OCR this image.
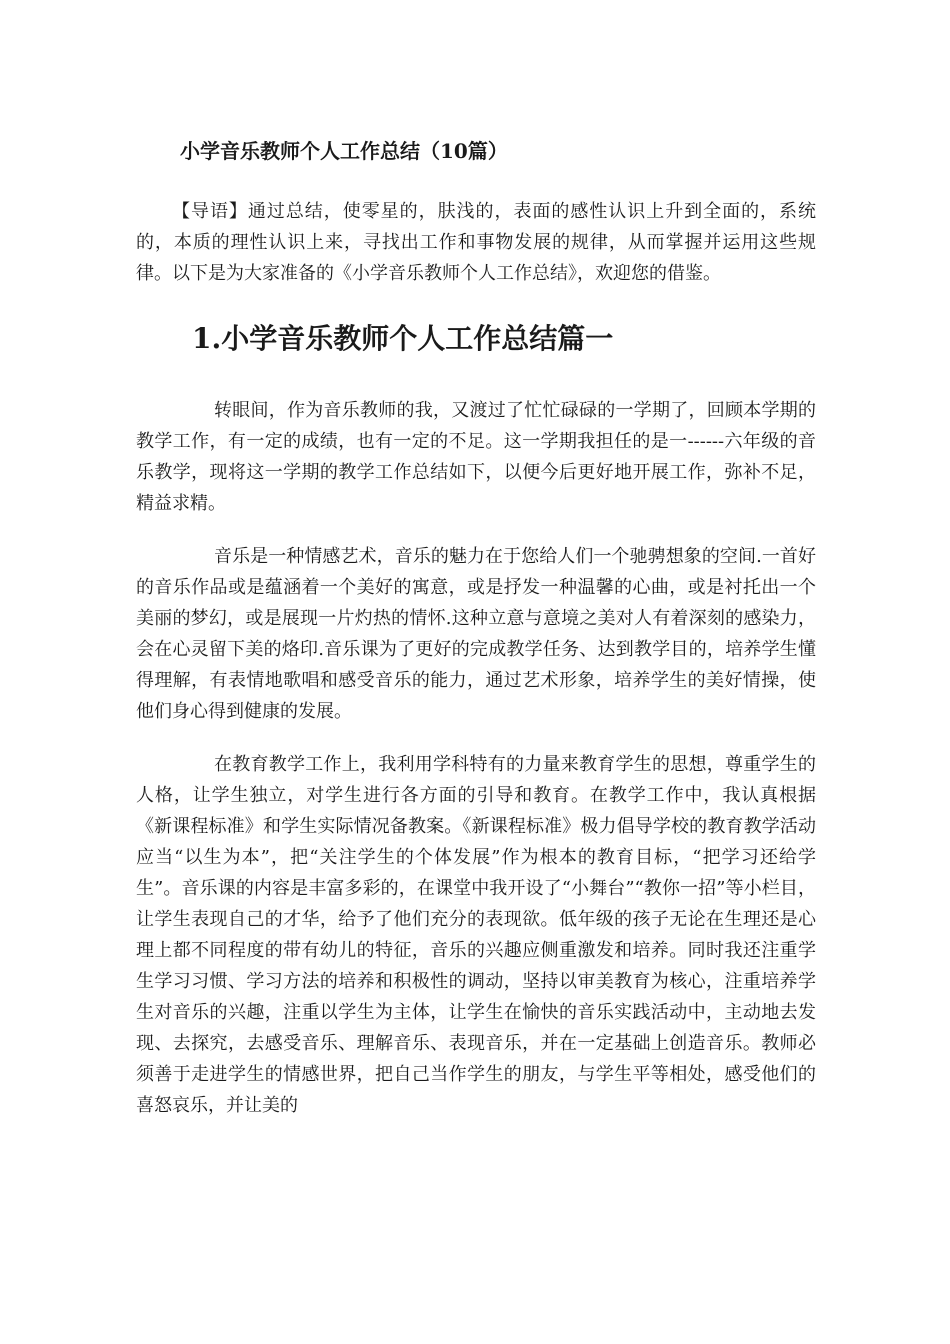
小学音乐教师个人工作总结（10篇）

【导语】通过总结，使零星的，肤浅的，表面的感性认识上升到全面的，系统的，本质的理性认识上来，寻找出工作和事物发展的规律，从而掌握并运用这些规律。以下是为大家准备的《小学音乐教师个人工作总结》，欢迎您的借鉴。

1.小学音乐教师个人工作总结篇一

转眼间，作为音乐教师的我，又渡过了忙忙碌碌的一学期了，回顾本学期的教学工作，有一定的成绩，也有一定的不足。这一学期我担任的是一------六年级的音乐教学，现将这一学期的教学工作总结如下，以便今后更好地开展工作，弥补不足，精益求精。

音乐是一种情感艺术，音乐的魅力在于您给人们一个驰骋想象的空间.一首好的音乐作品或是蕴涵着一个美好的寓意，或是抒发一种温馨的心曲，或是衬托出一个美丽的梦幻，或是展现一片灼热的情怀.这种立意与意境之美对人有着深刻的感染力，会在心灵留下美的烙印.音乐课为了更好的完成教学任务、达到教学目的，培养学生懂得理解，有表情地歌唱和感受音乐的能力，通过艺术形象，培养学生的美好情操，使他们身心得到健康的发展。

在教育教学工作上，我利用学科特有的力量来教育学生的思想，尊重学生的人格，让学生独立，对学生进行各方面的引导和教育。在教学工作中，我认真根据《新课程标准》和学生实际情况备教案。《新课程标准》极力倡导学校的教育教学活动应当“以生为本”，把“关注学生的个体发展”作为根本的教育目标，“把学习还给学生”。音乐课的内容是丰富多彩的，在课堂中我开设了“小舞台”“教你一招”等小栏目，让学生表现自己的才华，给予了他们充分的表现欲。低年级的孩子无论在生理还是心理上都不同程度的带有幼儿的特征，音乐的兴趣应侧重激发和培养。同时我还注重学生学习习惯、学习方法的培养和积极性的调动，坚持以审美教育为核心，注重培养学生对音乐的兴趣，注重以学生为主体，让学生在愉快的音乐实践活动中，主动地去发现、去探究，去感受音乐、理解音乐、表现音乐，并在一定基础上创造音乐。教师必须善于走进学生的情感世界，把自己当作学生的朋友，与学生平等相处，感受他们的喜怒哀乐，并让美的
